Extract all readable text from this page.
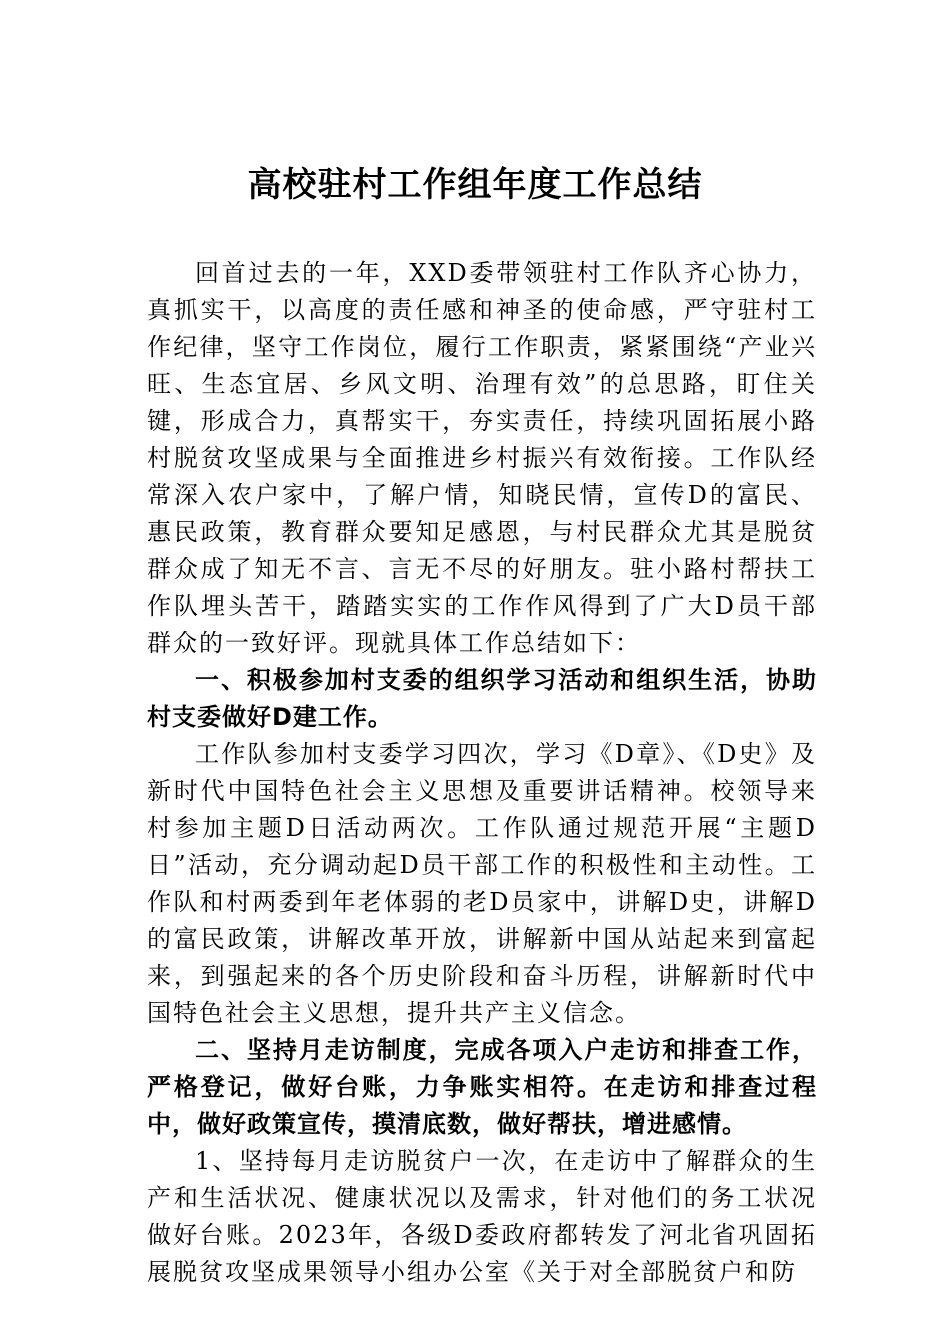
高校驻村工作组年度工作总结

回首过去的一年，XXD委带领驻村工作队齐心协力，真抓实干，以高度的责任感和神圣的使命感，严守驻村工作纪律，坚守工作岗位，履行工作职责，紧紧围绕“产业兴旺、生态宜居、乡风文明、治理有效”的总思路，盯住关键，形成合力，真帮实干，夯实责任，持续巩固拓展小路村脱贫攻坚成果与全面推进乡村振兴有效衔接。工作队经常深入农户家中，了解户情，知晓民情，宣传D的富民、惠民政策，教育群众要知足感恩，与村民群众尤其是脱贫群众成了知无不言、言无不尽的好朋友。驻小路村帮扶工作队埋头苦干，踏踏实实的工作作风得到了广大D员干部群众的一致好评。现就具体工作总结如下：

一、积极参加村支委的组织学习活动和组织生活，协助村支委做好D建工作。

工作队参加村支委学习四次，学习《D章》、《D史》及新时代中国特色社会主义思想及重要讲话精神。校领导来村参加主题D日活动两次。工作队通过规范开展“主题D日”活动，充分调动起D员干部工作的积极性和主动性。工作队和村两委到年老体弱的老D员家中，讲解D史，讲解D的富民政策，讲解改革开放，讲解新中国从站起来到富起来，到强起来的各个历史阶段和奋斗历程，讲解新时代中国特色社会主义思想，提升共产主义信念。

二、坚持月走访制度，完成各项入户走访和排查工作，严格登记，做好台账，力争账实相符。在走访和排查过程中，做好政策宣传，摸清底数，做好帮扶，增进感情。

1、坚持每月走访脱贫户一次，在走访中了解群众的生产和生活状况、健康状况以及需求，针对他们的务工状况做好台账。2023年，各级D委政府都转发了河北省巩固拓展脱贫攻坚成果领导小组办公室《关于对全部脱贫户和防
